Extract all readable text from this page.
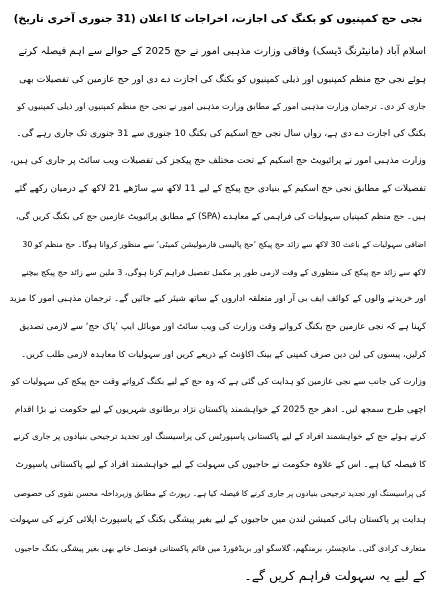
نجی حج کمپنیوں کو بکنگ کی اجازت، اخراجات کا اعلان (31 جنوری آخری تاریخ)
اسلام آباد (مانیٹرنگ ڈیسک) وفاقی وزارت مذہبی امور نے حج 2025 کے حوالے سے اہم فیصلہ کرتے
ہوئے نجی حج منظم کمپنیوں اور ذیلی کمپنیوں کو بکنگ کی اجازت دے دی اور حج عازمین کی تفصیلات بھی
جاری کر دی۔ ترجمان وزارت مذہبی امور کے مطابق وزارت مذہبی امور نے نجی حج منظم کمپنیوں اور ذیلی کمپنیوں کو
بکنگ کی اجازت دے دی ہے، رواں سال نجی حج اسکیم کی بکنگ 10 جنوری سے 31 جنوری تک جاری رہے گی۔
وزارت مذہبی امور نے پرائیویٹ حج اسکیم کے تحت مختلف حج پیکجز کی تفصیلات ویب سائٹ پر جاری کی ہیں،
تفصیلات کے مطابق نجی حج اسکیم کے بنیادی حج پیکج کے لیے 11 لاکھ سے ساڑھے 21 لاکھ کے درمیان رکھے گئے
ہیں۔ حج منظم کمپنیاں سہولیات کی فراہمی کے معاہدے (SPA) کے مطابق پرائیویٹ عازمین حج کی بکنگ کریں گی،
اضافی سہولیات کے باعث 30 لاکھ سے زائد حج پیکج ’حج پالیسی فارمولیشن کمیٹی‘ سے منظور کروانا ہوگا۔ حج منظم کو 30
لاکھ سے زائد حج پیکج کی منظوری کے وقت لازمی طور پر مکمل تفصیل فراہم کرنا ہوگی، 3 ملین سے زائد حج پیکج بیچنے
اور خریدنے والوں کے کوائف ایف بی آر اور متعلقہ اداروں کے ساتھ شیئر کیے جائیں گے۔ ترجمان مذہبی امور کا مزید
کہنا ہے کہ نجی عازمین حج بکنگ کرواتے وقت وزارت کی ویب سائٹ اور موبائل ایپ ’پاک حج‘ سے لازمی تصدیق
کرلیں، پیسوں کی لین دین صرف کمپنی کے بینک اکاؤنٹ کے ذریعے کریں اور سہولیات کا معاہدہ لازمی طلب کریں۔
وزارت کی جانب سے نجی عازمین کو ہدایت کی گئی ہے کہ وہ حج کے لیے بکنگ کرواتے وقت حج پیکج کی سہولیات کو
اچھی طرح سمجھ لیں۔ ادھر حج 2025 کے خواہشمند پاکستان نژاد برطانوی شہریوں کے لیے حکومت نے بڑا اقدام
کرتے ہوئے حج کے خواہشمند افراد کے لیے پاکستانی پاسپورٹس کی پراسیسنگ اور تجدید ترجیحی بنیادوں پر جاری کرنے
کا فیصلہ کیا ہے۔ اس کے علاوہ حکومت نے حاجیوں کی سہولت کے لیے خواہشمند افراد کے لیے پاکستانی پاسپورٹ
کی پراسیسنگ اور تجدید ترجیحی بنیادوں پر جاری کرنے کا فیصلہ کیا ہے۔ رپورٹ کے مطابق وزیرداخلہ محسن نقوی کی خصوصی
ہدایت پر پاکستان ہائی کمیشن لندن میں حاجیوں کے لیے بغیر پیشگی بکنگ کے پاسپورٹ اپلائی کرنے کی سہولت
متعارف کرادی گئی۔ مانچسٹر، برمنگھم، گلاسگو اور بریڈفورڈ میں قائم پاکستانی قونصل خانے بھی بغیر پیشگی بکنگ حاجیوں
کے لیے یہ سہولت فراہم کریں گے۔
